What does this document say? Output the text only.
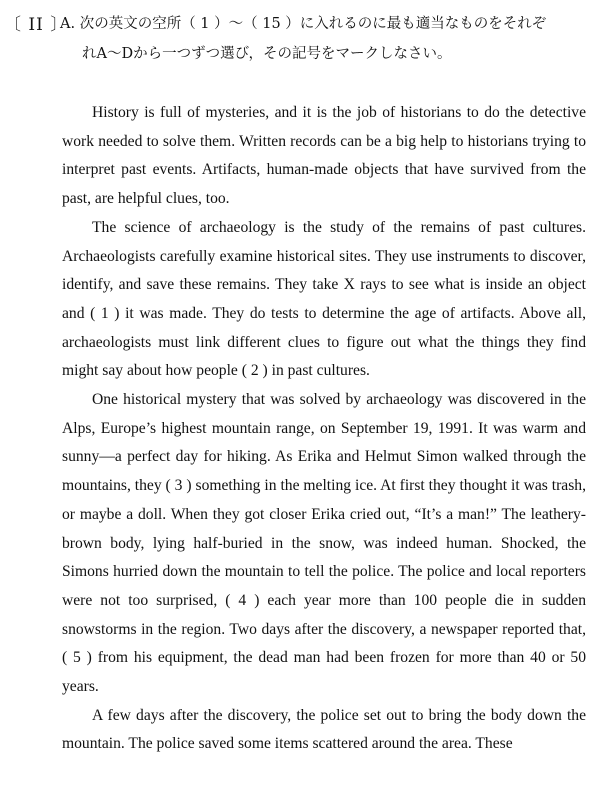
〔 II 〕
A. 次の英文の空所（ 1 ）〜（ 15 ）に入れるのに最も適当なものをそれぞ
れA〜Dから一つずつ選び，その記号をマークしなさい。

History is full of mysteries, and it is the job of historians to do the detective work needed to solve them. Written records can be a big help to historians trying to interpret past events. Artifacts, human-made objects that have survived from the past, are helpful clues, too.

The science of archaeology is the study of the remains of past cultures. Archaeologists carefully examine historical sites. They use instruments to discover, identify, and save these remains. They take X rays to see what is inside an object and ( 1 ) it was made. They do tests to determine the age of artifacts. Above all, archaeologists must link different clues to figure out what the things they find might say about how people ( 2 ) in past cultures.

One historical mystery that was solved by archaeology was discovered in the Alps, Europe’s highest mountain range, on September 19, 1991. It was warm and sunny—a perfect day for hiking. As Erika and Helmut Simon walked through the mountains, they ( 3 ) something in the melting ice. At first they thought it was trash, or maybe a doll. When they got closer Erika cried out, “It’s a man!” The leathery-brown body, lying half-buried in the snow, was indeed human. Shocked, the Simons hurried down the mountain to tell the police. The police and local reporters were not too surprised, ( 4 ) each year more than 100 people die in sudden snowstorms in the region. Two days after the discovery, a newspaper reported that, ( 5 ) from his equipment, the dead man had been frozen for more than 40 or 50 years.

A few days after the discovery, the police set out to bring the body down the mountain. The police saved some items scattered around the area. These
